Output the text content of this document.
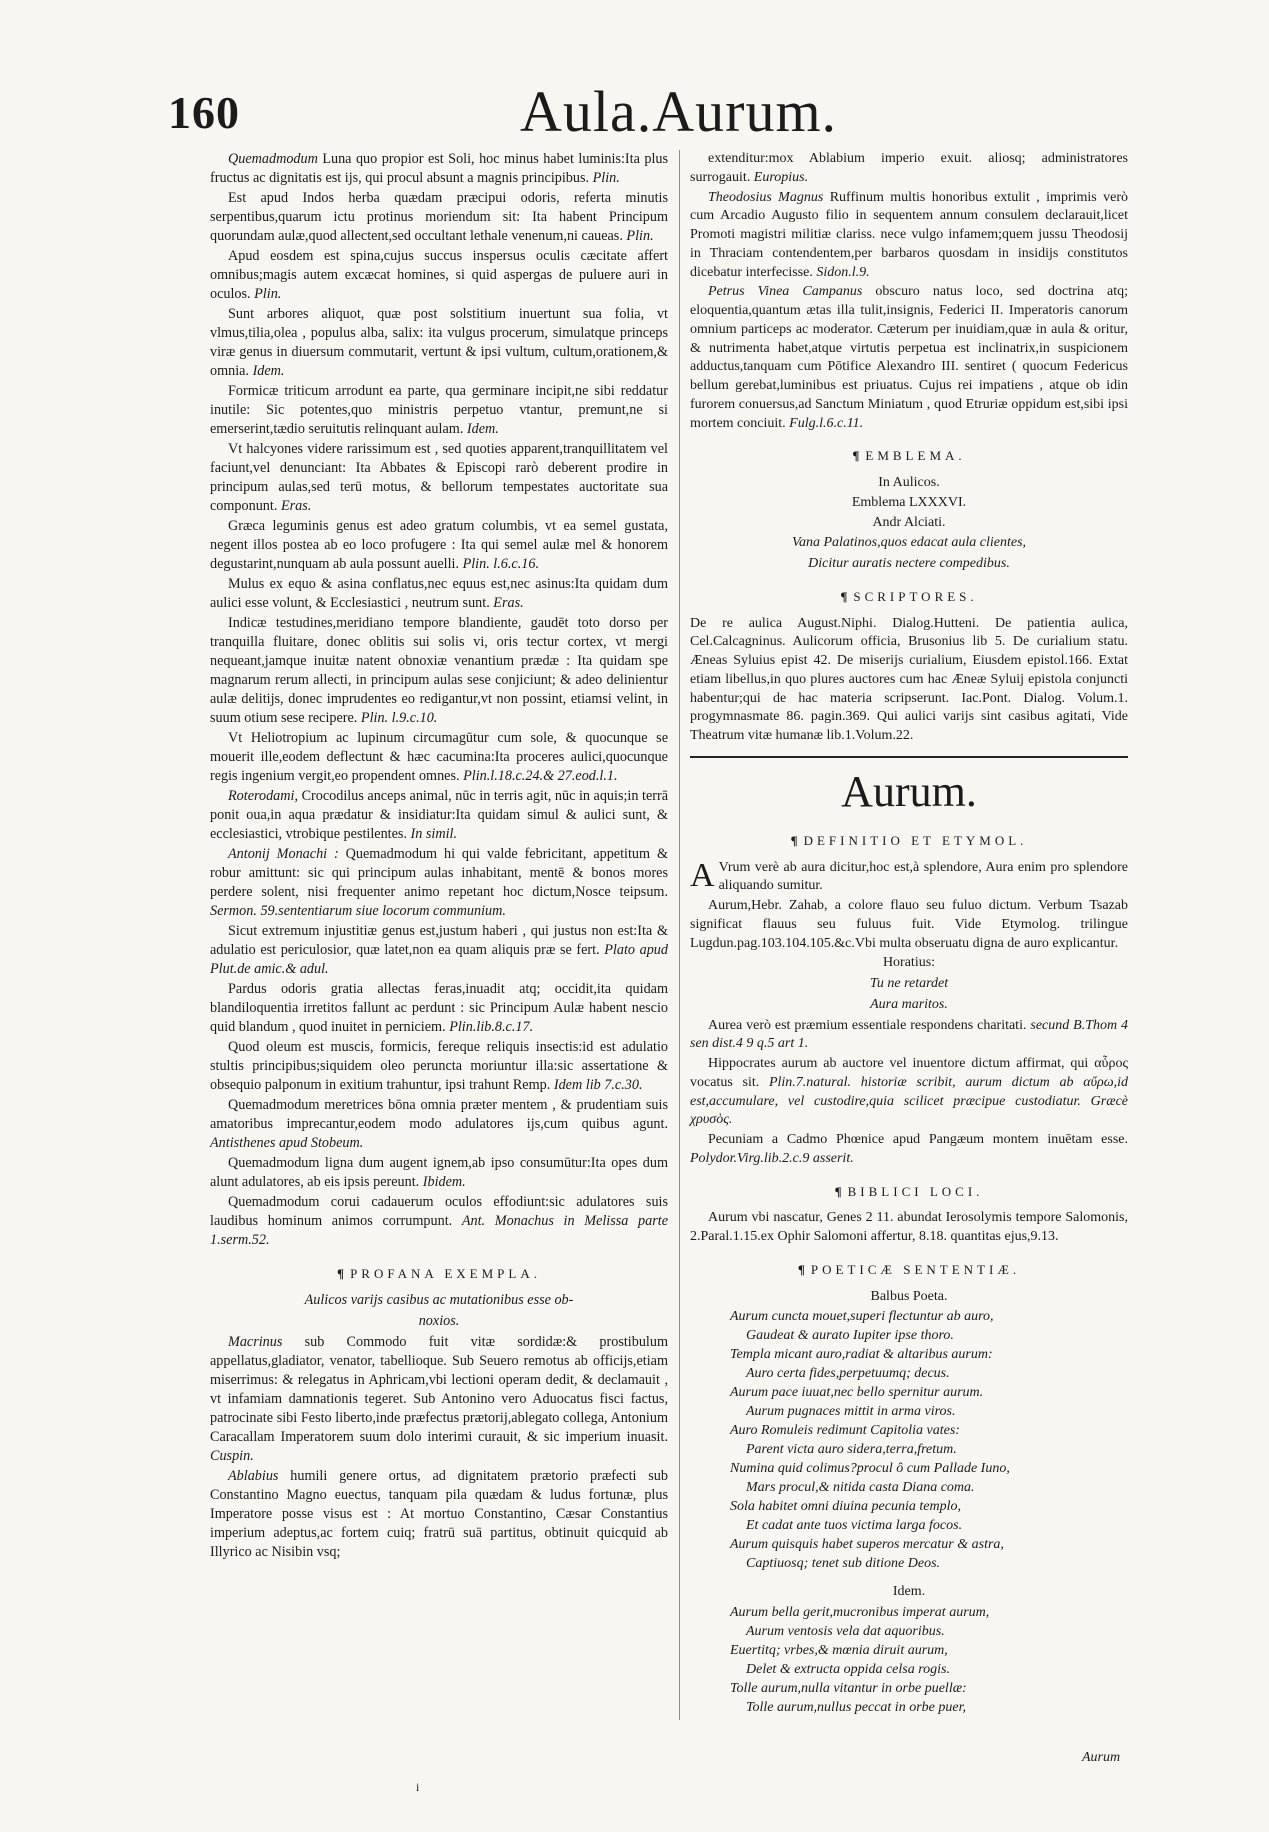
160	Aula.Aurum.

Quemadmodum Luna quo propior est Soli, hoc minus habet luminis:Ita plus fructus ac dignitatis est ijs, qui procul absunt a magnis principibus. Plin.

Est apud Indos herba quædam præcipui odoris, referta minutis serpentibus,quarum ictu protinus moriendum sit: Ita habent Principum quorundam aulæ,quod allectent,sed occultant lethale venenum,ni caueas. Plin.

Apud eosdem est spina,cujus succus inspersus oculis cæcitate affert omnibus;magis autem excæcat homines, si quid aspergas de puluere auri in oculos. Plin.

Sunt arbores aliquot, quæ post solstitium inuertunt sua folia, vt vlmus,tilia,olea , populus alba, salix: ita vulgus procerum, simulatque princeps viræ genus in diuersum commutarit, vertunt & ipsi vultum, cultum,orationem,& omnia. Idem.

Formicæ triticum arrodunt ea parte, qua germinare incipit,ne sibi reddatur inutile: Sic potentes,quo ministris perpetuo vtantur, premunt,ne si emerserint,tædio seruitutis relinquant aulam. Idem.

Vt halcyones videre rarissimum est , sed quoties apparent,tranquillitatem vel faciunt,vel denunciant: Ita Abbates & Episcopi rarò deberent prodire in principum aulas,sed terū motus, & bellorum tempestates auctoritate sua componunt. Eras.

Græca leguminis genus est adeo gratum columbis, vt ea semel gustata, negent illos postea ab eo loco profugere : Ita qui semel aulæ mel & honorem degustarint,nunquam ab aula possunt auelli. Plin. l.6.c.16.

Mulus ex equo & asina conflatus,nec equus est,nec asinus:Ita quidam dum aulici esse volunt, & Ecclesiastici , neutrum sunt. Eras.

Indicæ testudines,meridiano tempore blandiente, gaudēt toto dorso per tranquilla fluitare, donec oblitis sui solis vi, oris tectur cortex, vt mergi nequeant,jamque inuitæ natent obnoxiæ venantium prædæ : Ita quidam spe magnarum rerum allecti, in principum aulas sese conjiciunt; & adeo delinientur aulæ delitijs, donec imprudentes eo redigantur,vt non possint, etiamsi velint, in suum otium sese recipere. Plin. l.9.c.10.

Vt Heliotropium ac lupinum circumagūtur cum sole, & quocunque se mouerit ille,eodem deflectunt & hæc cacumina:Ita proceres aulici,quocunque regis ingenium vergit,eo propendent omnes. Plin.l.18.c.24.& 27.eod.l.1.

Roterodami, Crocodilus anceps animal, nūc in terris agit, nūc in aquis;in terrā ponit oua,in aqua prædatur & insidiatur:Ita quidam simul & aulici sunt, & ecclesiastici, vtrobique pestilentes. In simil.

Antonij Monachi : Quemadmodum hi qui valde febricitant, appetitum & robur amittunt: sic qui principum aulas inhabitant, mentē & bonos mores perdere solent, nisi frequenter animo repetant hoc dictum,Nosce teipsum. Sermon. 59.sententiarum siue locorum communium.

Sicut extremum injustitiæ genus est,justum haberi , qui justus non est:Ita & adulatio est periculosior, quæ latet,non ea quam aliquis præ se fert. Plato apud Plut.de amic.& adul.

Pardus odoris gratia allectas feras,inuadit atq; occidit,ita quidam blandiloquentia irretitos fallunt ac perdunt : sic Principum Aulæ habent nescio quid blandum , quod inuitet in perniciem. Plin.lib.8.c.17.

Quod oleum est muscis, formicis, fereque reliquis insectis:id est adulatio stultis principibus;siquidem oleo peruncta moriuntur illa:sic assertatione & obsequio palponum in exitium trahuntur, ipsi trahunt Remp. Idem lib 7.c.30.

Quemadmodum meretrices bōna omnia præter mentem , & prudentiam suis amatoribus imprecantur,eodem modo adulatores ijs,cum quibus agunt. Antisthenes apud Stobeum.

Quemadmodum ligna dum augent ignem,ab ipso consumūtur:Ita opes dum alunt adulatores, ab eis ipsis pereunt. Ibidem.

Quemadmodum corui cadauerum oculos effodiunt:sic adulatores suis laudibus hominum animos corrumpunt. Ant. Monachus in Melissa parte 1.serm.52.

¶ PROFANA EXEMPLA.
Aulicos varijs casibus ac mutationibus esse ob-
noxios.

Macrinus sub Commodo fuit vitæ sordidæ:& prostibulum appellatus,gladiator, venator, tabellioque. Sub Seuero remotus ab officijs,etiam miserrimus: & relegatus in Aphricam,vbi lectioni operam dedit, & declamauit , vt infamiam damnationis tegeret. Sub Antonino vero Aduocatus fisci factus, patrocinate sibi Festo liberto,inde præfectus prætorij,ablegato collega, Antonium Caracallam Imperatorem suum dolo interimi curauit, & sic imperium inuasit. Cuspin.

Ablabius humili genere ortus, ad dignitatem prætorio præfecti sub Constantino Magno euectus, tanquam pila quædam & ludus fortunæ, plus Imperatore posse visus est : At mortuo Constantino, Cæsar Constantius imperium adeptus,ac fortem cuiq; fratrū suā partitus, obtinuit quicquid ab Illyrico ac Nisibin vsq;

extenditur:mox Ablabium imperio exuit. aliosq; administratores surrogauit. Europius.

Theodosius Magnus Ruffinum multis honoribus extulit , imprimis verò cum Arcadio Augusto filio in sequentem annum consulem declarauit,licet Promoti magistri militiæ clariss. nece vulgo infamem;quem jussu Theodosij in Thraciam contendentem,per barbaros quosdam in insidijs constitutos dicebatur interfecisse. Sidon.l.9.

Petrus Vinea Campanus obscuro natus loco, sed doctrina atq; eloquentia,quantum ætas illa tulit,insignis, Federici II. Imperatoris canorum omnium particeps ac moderator. Cæterum per inuidiam,quæ in aula & oritur, & nutrimenta habet,atque virtutis perpetua est inclinatrix,in suspicionem adductus,tanquam cum Pōtifice Alexandro III. sentiret ( quocum Federicus bellum gerebat,luminibus est priuatus. Cujus rei impatiens , atque ob idin furorem conuersus,ad Sanctum Miniatum , quod Etruriæ oppidum est,sibi ipsi mortem conciuit. Fulg.l.6.c.11.

¶ EMBLEMA.
In Aulicos.
Emblema LXXXVI.
Andr Alciati.
Vana Palatinos,quos edacat aula clientes,
Dicitur auratis nectere compedibus.
¶ SCRIPTORES.

De re aulica August.Niphi. Dialog.Hutteni. De patientia aulica, Cel.Calcagninus. Aulicorum officia, Brusonius lib 5. De curialium statu. Æneas Syluius epist 42. De miserijs curialium, Eiusdem epistol.166. Extat etiam libellus,in quo plures auctores cum hac Æneæ Syluij epistola conjuncti habentur;qui de hac materia scripserunt. Iac.Pont. Dialog. Volum.1. progymnasmate 86. pagin.369. Qui aulici varijs sint casibus agitati, Vide Theatrum vitæ humanæ lib.1.Volum.22.

Aurum.
¶ DEFINITIO ET ETYMOL.

A Vrum verè ab aura dicitur,hoc est,à splendore, Aura enim pro splendore aliquando sumitur.

Aurum,Hebr. Zahab, a colore flauo seu fuluo dictum. Verbum Tsazab significat flauus seu fuluus fuit. Vide Etymolog. trilingue Lugdun.pag.103.104.105.&c.Vbi multa obseruatu digna de auro explicantur.

Horatius:
Tu ne retardet
Aura maritos.

Aurea verò est præmium essentiale respondens charitati. secund B.Thom 4 sen dist.4 9 q.5 art 1.

Hippocrates aurum ab auctore vel inuentore dictum affirmat, qui αὖρος vocatus sit. Plin.7.natural. historiæ scribit, aurum dictum ab αὔρω,id est,accumulare, vel custodire,quia scilicet præcipue custodiatur. Græcè χρυσὸς.

Pecuniam a Cadmo Phœnice apud Pangæum montem inuētam esse. Polydor.Virg.lib.2.c.9 asserit.

¶ BIBLICI LOCI.

Aurum vbi nascatur, Genes 2 11. abundat Ierosolymis tempore Salomonis, 2.Paral.1.15.ex Ophir Salomoni affertur, 8.18. quantitas ejus,9.13.

¶ POETICÆ SENTENTIÆ.
Balbus Poeta.
Aurum cuncta mouet,superi flectuntur ab auro,
Gaudeat & aurato Iupiter ipse thoro.
Templa micant auro,radiat & altaribus aurum:
Auro certa fides,perpetuumq; decus.
Aurum pace iuuat,nec bello spernitur aurum.
Aurum pugnaces mittit in arma viros.
Auro Romuleis redimunt Capitolia vates:
Parent victa auro sidera,terra,fretum.
Numina quid colimus?procul ô cum Pallade Iuno,
Mars procul,& nitida casta Diana coma.
Sola habitet omni diuina pecunia templo,
Et cadat ante tuos victima larga focos.
Aurum quisquis habet superos mercatur & astra,
Captiuosq; tenet sub ditione Deos.
Idem.
Aurum bella gerit,mucronibus imperat aurum,
Aurum ventosis vela dat aquoribus.
Euertitq; vrbes,& mœnia diruit aurum,
Delet & extructa oppida celsa rogis.
Tolle aurum,nulla vitantur in orbe puellæ:
Tolle aurum,nullus peccat in orbe puer,
Aurum
i
